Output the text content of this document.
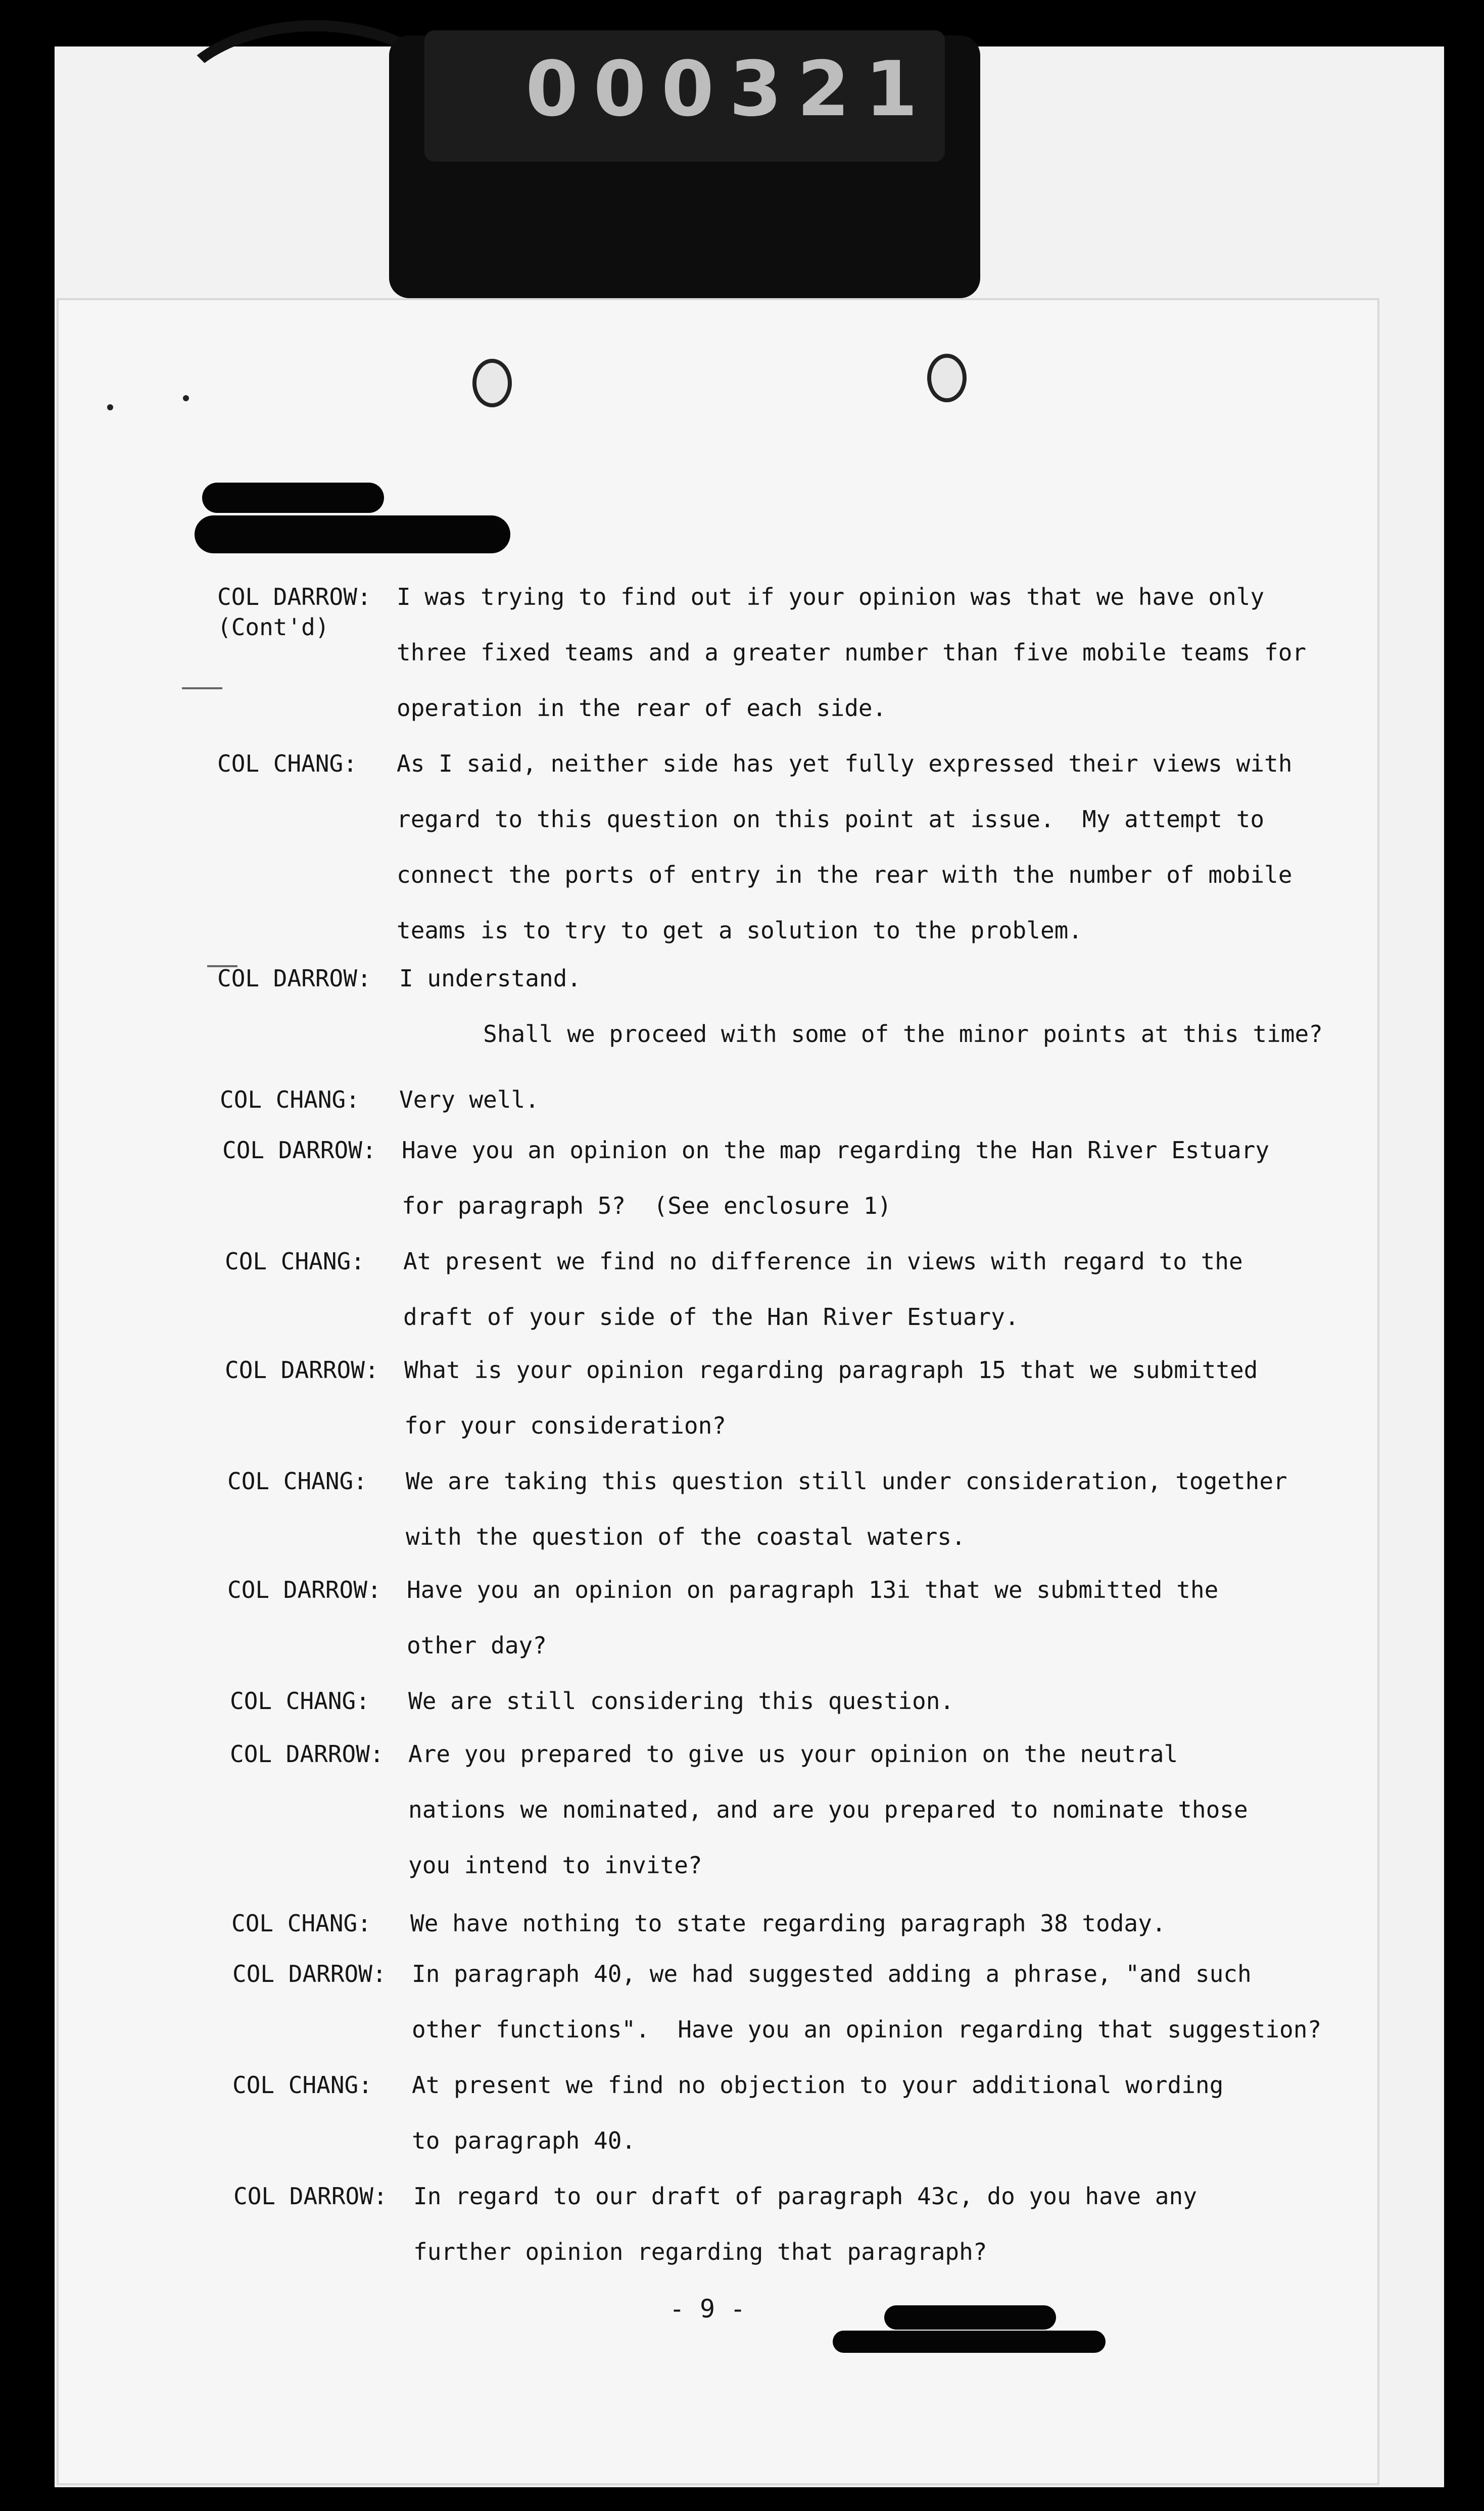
000321
COL DARROW:
(Cont'd)
I was trying to find out if your opinion was that we have only
three fixed teams and a greater number than five mobile teams for
operation in the rear of each side.
COL CHANG: As I said, neither side has yet fully expressed their views with
regard to this question on this point at issue.  My attempt to
connect the ports of entry in the rear with the number of mobile
teams is to try to get a solution to the problem.
COL DARROW: I understand.
Shall we proceed with some of the minor points at this time?
COL CHANG: Very well.
COL DARROW: Have you an opinion on the map regarding the Han River Estuary
for paragraph 5?  (See enclosure 1)
COL CHANG: At present we find no difference in views with regard to the
draft of your side of the Han River Estuary.
COL DARROW: What is your opinion regarding paragraph 15 that we submitted
for your consideration?
COL CHANG: We are taking this question still under consideration, together
with the question of the coastal waters.
COL DARROW: Have you an opinion on paragraph 13i that we submitted the
other day?
COL CHANG: We are still considering this question.
COL DARROW: Are you prepared to give us your opinion on the neutral
nations we nominated, and are you prepared to nominate those
you intend to invite?
COL CHANG: We have nothing to state regarding paragraph 38 today.
COL DARROW: In paragraph 40, we had suggested adding a phrase, "and such
other functions".  Have you an opinion regarding that suggestion?
COL CHANG: At present we find no objection to your additional wording
to paragraph 40.
COL DARROW: In regard to our draft of paragraph 43c, do you have any
further opinion regarding that paragraph?
- 9 -
